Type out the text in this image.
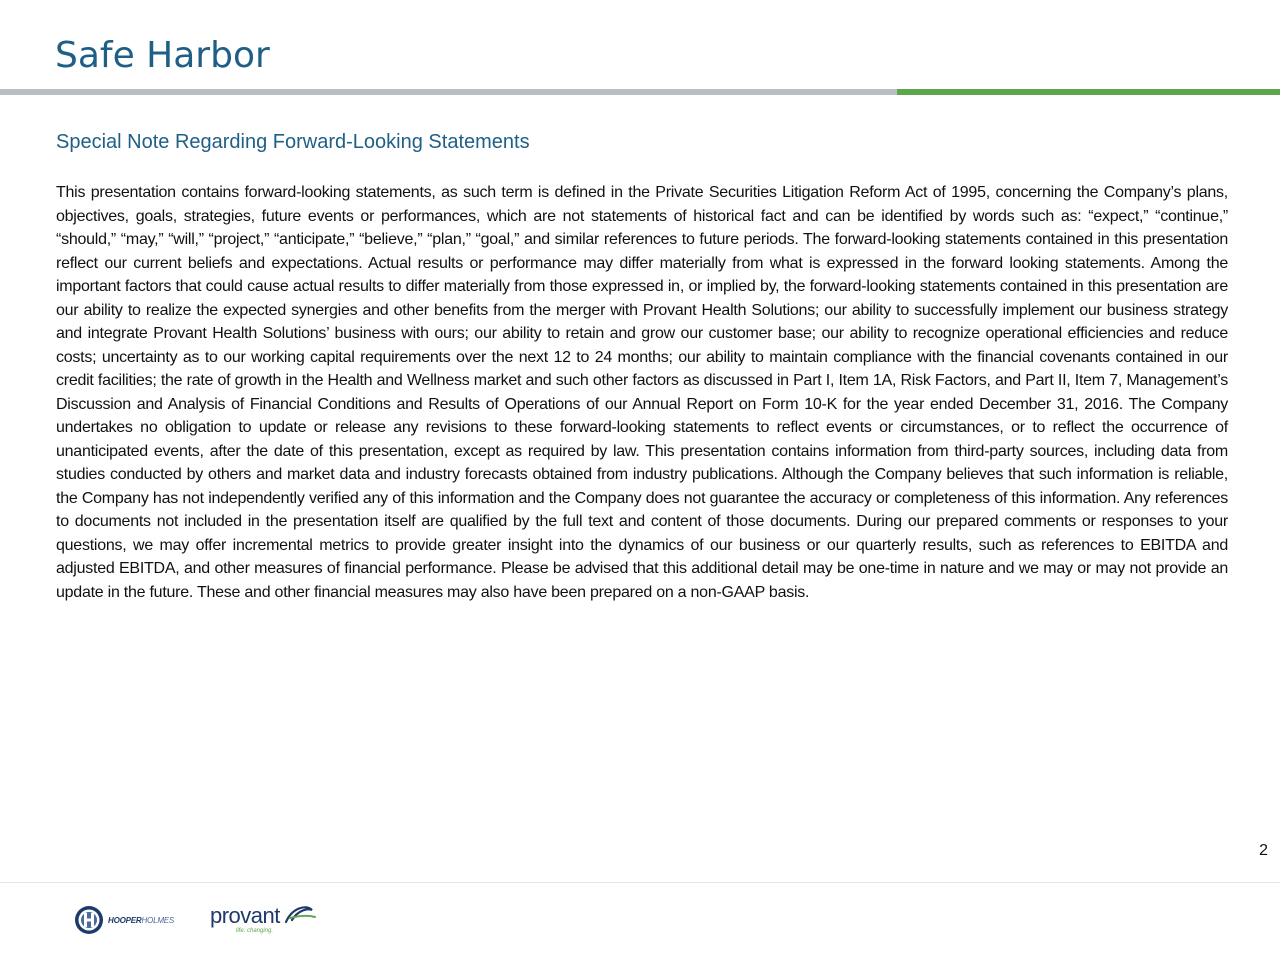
Safe Harbor
Special Note Regarding Forward-Looking Statements

This presentation contains forward-looking statements, as such term is defined in the Private Securities Litigation Reform Act of 1995, concerning the Company’s plans, objectives, goals, strategies, future events or performances, which are not statements of historical fact and can be identified by words such as: “expect,” “continue,” “should,” “may,” “will,” “project,” “anticipate,” “believe,” “plan,” “goal,” and similar references to future periods. The forward-looking statements contained in this presentation reflect our current beliefs and expectations. Actual results or performance may differ materially from what is expressed in the forward looking statements. Among the important factors that could cause actual results to differ materially from those expressed in, or implied by, the forward-looking statements contained in this presentation are our ability to realize the expected synergies and other benefits from the merger with Provant Health Solutions; our ability to successfully implement our business strategy and integrate Provant Health Solutions’ business with ours; our ability to retain and grow our customer base; our ability to recognize operational efficiencies and reduce costs; uncertainty as to our working capital requirements over the next 12 to 24 months; our ability to maintain compliance with the financial covenants contained in our credit facilities; the rate of growth in the Health and Wellness market and such other factors as discussed in Part I, Item 1A, Risk Factors, and Part II, Item 7, Management’s Discussion and Analysis of Financial Conditions and Results of Operations of our Annual Report on Form 10-K for the year ended December 31, 2016. The Company undertakes no obligation to update or release any revisions to these forward-looking statements to reflect events or circumstances, or to reflect the occurrence of unanticipated events, after the date of this presentation, except as required by law. This presentation contains information from third-party sources, including data from studies conducted by others and market data and industry forecasts obtained from industry publications. Although the Company believes that such information is reliable, the Company has not independently verified any of this information and the Company does not guarantee the accuracy or completeness of this information. Any references to documents not included in the presentation itself are qualified by the full text and content of those documents. During our prepared comments or responses to your questions, we may offer incremental metrics to provide greater insight into the dynamics of our business or our quarterly results, such as references to EBITDA and adjusted EBITDA, and other measures of financial performance. Please be advised that this additional detail may be one-time in nature and we may or may not provide an update in the future. These and other financial measures may also have been prepared on a non-GAAP basis.

HOOPERHOLMES provant
life. changing.

2
